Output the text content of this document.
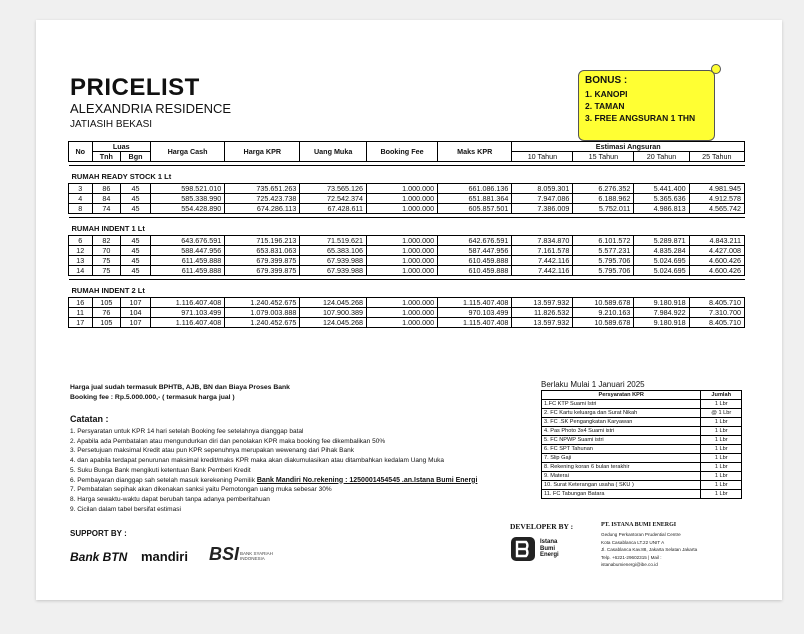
PRICELIST
ALEXANDRIA RESIDENCE
JATIASIH BEKASI
BONUS :
1. KANOPI
2. TAMAN
3. FREE ANGSURAN 1 THN
No	Luas		Harga Cash	Harga KPR	Uang Muka	Booking Fee	Maks KPR	Estimasi Angsuran			
	Tnh	Bgn						10 Tahun	15 Tahun	20 Tahun	25 Tahun

RUMAH READY STOCK 1 Lt											
3	86	45	598.521.010	735.651.263	73.565.126	1.000.000	661.086.136	8.059.301	6.276.352	5.441.400	4.981.945
4	84	45	585.338.990	725.423.738	72.542.374	1.000.000	651.881.364	7.947.086	6.188.962	5.365.636	4.912.578
8	74	45	554.428.890	674.286.113	67.428.611	1.000.000	605.857.501	7.386.009	5.752.011	4.986.813	4.565.742

RUMAH INDENT 1 Lt											
6	82	45	643.676.591	715.196.213	71.519.621	1.000.000	642.676.591	7.834.870	6.101.572	5.289.871	4.843.211
12	70	45	588.447.956	653.831.063	65.383.106	1.000.000	587.447.956	7.161.578	5.577.231	4.835.284	4.427.008
13	75	45	611.459.888	679.399.875	67.939.988	1.000.000	610.459.888	7.442.116	5.795.706	5.024.695	4.600.426
14	75	45	611.459.888	679.399.875	67.939.988	1.000.000	610.459.888	7.442.116	5.795.706	5.024.695	4.600.426

RUMAH INDENT 2 Lt											
16	105	107	1.116.407.408	1.240.452.675	124.045.268	1.000.000	1.115.407.408	13.597.932	10.589.678	9.180.918	8.405.710
11	76	104	971.103.499	1.079.003.888	107.900.389	1.000.000	970.103.499	11.826.532	9.210.163	7.984.922	7.310.700
17	105	107	1.116.407.408	1.240.452.675	124.045.268	1.000.000	1.115.407.408	13.597.932	10.589.678	9.180.918	8.405.710
Harga jual sudah termasuk BPHTB, AJB, BN dan Biaya Proses Bank
Booking fee : Rp.5.000.000,- ( termasuk harga jual )
Catatan :
1. Persyaratan untuk KPR 14 hari setelah Booking fee setelahnya dianggap batal
2. Apabila ada Pembatalan atau mengundurkan diri dan penolakan KPR maka booking fee dikembalikan 50%
3. Persetujuan maksimal Kredit atau pun KPR sepenuhnya merupakan wewenang dari Pihak Bank
4. dan apabila terdapat penurunan maksimal kredit/maks KPR maka akan diakumulasikan atau ditambahkan kedalam Uang Muka
5. Suku Bunga Bank mengikuti ketentuan Bank Pemberi Kredit
6. Pembayaran dianggap sah setelah masuk kerekening Pemilik Bank Mandiri No.rekening : 1250001454545 .an.Istana Bumi Energi
7. Pembatalan sepihak akan dikenakan sanksi yaitu Pemotongan uang muka sebesar 30%
8. Harga sewaktu-waktu dapat berubah tanpa adanya pemberitahuan
9. Cicilan dalam tabel bersifat estimasi
SUPPORT BY :
Bank BTN mandiri BSI BANK SYARIAH INDONESIA
Berlaku Mulai 1 Januari 2025
Persyaratan KPR	Jumlah
1.FC KTP Suami Istri	1 Lbr
2. FC Kartu keluarga dan Surat Nikah	@ 1 Lbr
3. FC .SK Pengangkatan Karyawan	1 Lbr
4. Pas Photo 3x4 Suami istri	1 Lbr
5. FC NPWP Suami istri	1 Lbr
6. FC SPT Tahunan	1 Lbr
7. Slip Gaji	1 Lbr
8. Rekening koran 6 bulan terakhir	1 Lbr
9. Materai	1 Lbr
10. Surat Keterangan usaha ( SKU )	1 Lbr
11. FC Tabungan Batara	1 Lbr
DEVELOPER BY :
Istana
Bumi
Energi
PT. ISTANA BUMI ENERGI
Gedung Perkantoran Prudential Centre
Kota Casablanca LT.22 UNIT A
Jl. Casablanca Kav.88, Jakarta Selatan Jakarta
Telp. +6221-29602315 | Mail :
istanabumienergi@ibe.co.id
